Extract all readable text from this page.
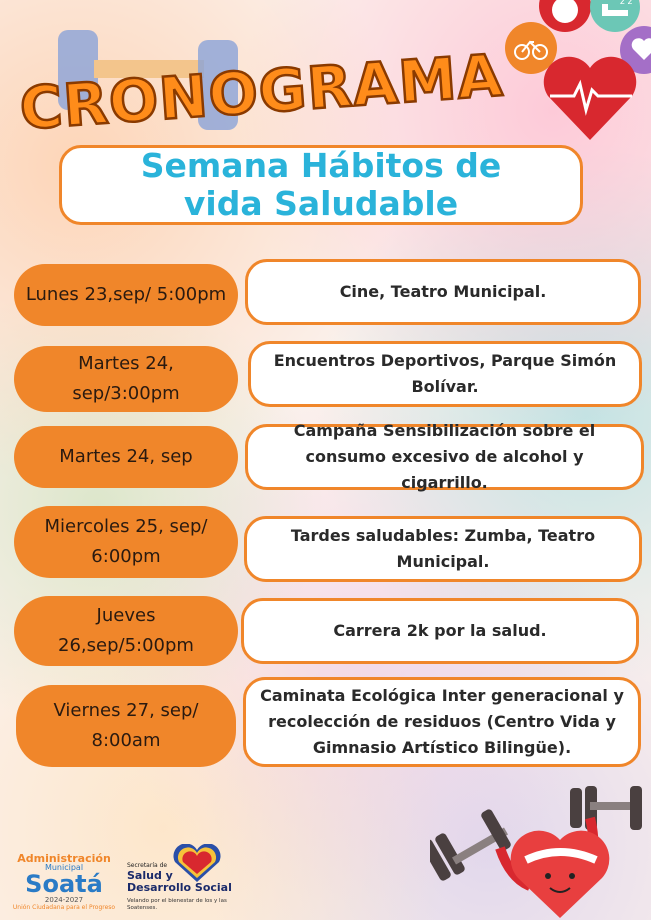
CRONOGRAMA
z z
Semana Hábitos de
vida Saludable
Lunes 23,sep/ 5:00pm	Cine, Teatro Municipal.
Martes 24, sep/3:00pm
Encuentros Deportivos, Parque Simón Bolívar.
Martes 24, sep
Campaña Sensibilización sobre el consumo excesivo de alcohol y cigarrillo.
Miercoles 25, sep/ 6:00pm
Tardes saludables: Zumba, Teatro Municipal.
Jueves 26,sep/5:00pm
Carrera 2k por la salud.
Viernes 27, sep/ 8:00am
Caminata Ecológica Inter generacional y recolección de residuos (Centro Vida y Gimnasio Artístico Bilingüe).
Administración
Municipal
Soatá
2024-2027
Unión Ciudadana para el Progreso
Secretaría de
Salud y
Desarrollo Social
Velando por el bienestar de los y las Soatenses.
